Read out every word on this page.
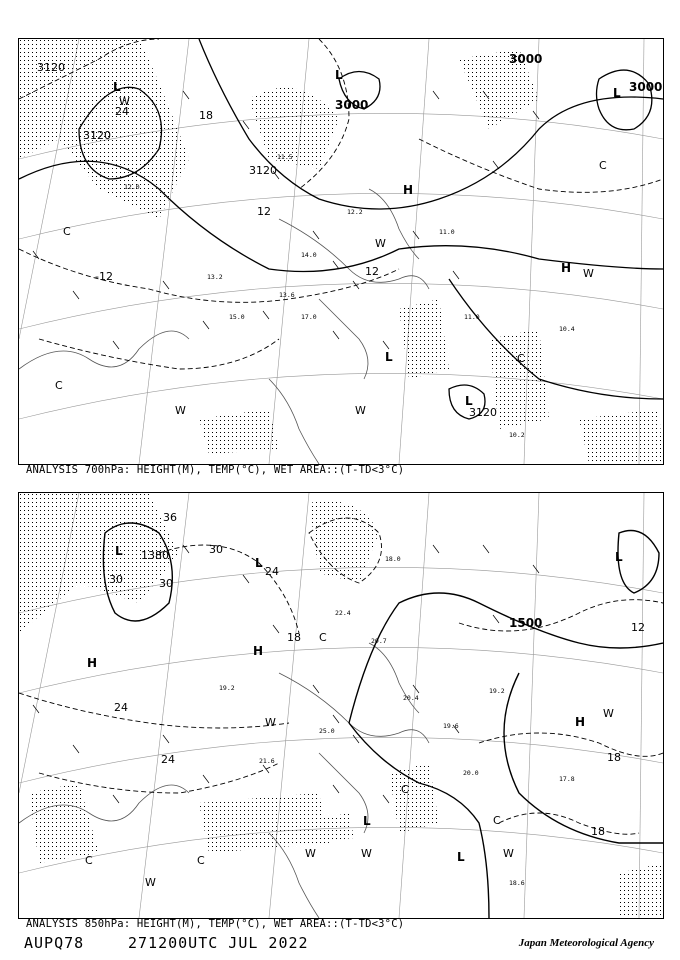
14.0
13.2
12.2
11.0
10.4
12.0
11.5
10.2
11.0
17.0
13.6
15.0
3120
3120
3120
3120
3000
3000
3000
24	18
12
12
-12
L
L
L
H
H
L
L
W
W	W
W
W
C
C
C
C
ANALYSIS 700hPa: HEIGHT(M), TEMP(°C), WET AREA::(T-TD<3°C)
20.4
19.2
25.0
21.6
19.6
20.0
18.6
17.8
20.7
22.4
18.0
19.2
1380
1500
36
30
30
30
24
24
24
18
18
18
12
L
L
H
H
H
L
L
L
W
W	W
W
W
W
C
C	C
C
C
ANALYSIS 850hPa: HEIGHT(M), TEMP(°C), WET AREA::(T-TD<3°C)
AUPQ78	271200UTC JUL 2022	Japan Meteorological Agency
